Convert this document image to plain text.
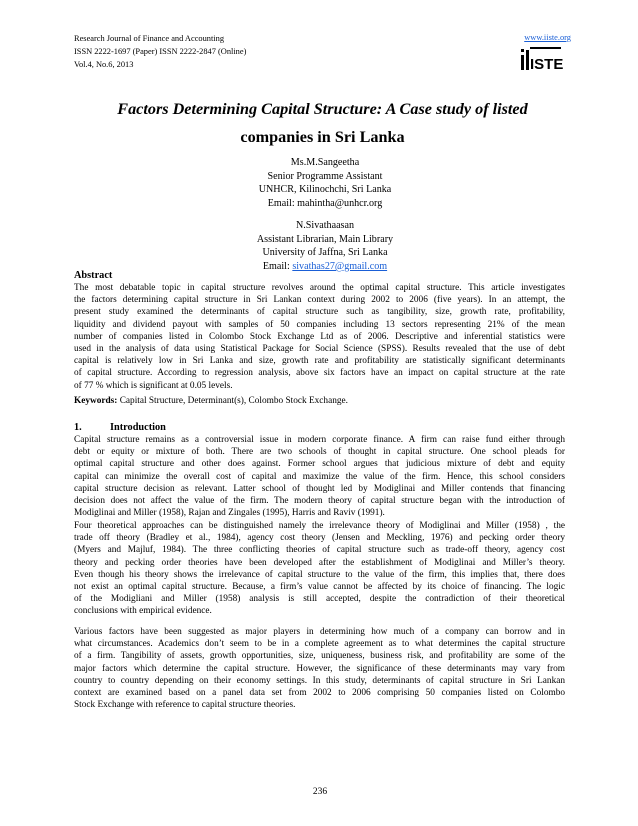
Research Journal of Finance and Accounting
ISSN 2222-1697 (Paper) ISSN 2222-2847 (Online)
Vol.4, No.6, 2013
www.iiste.org
ISTE
Factors Determining Capital Structure: A Case study of listed
companies in Sri Lanka
Ms.M.Sangeetha
Senior Programme Assistant
UNHCR, Kilinochchi, Sri Lanka
Email: mahintha@unhcr.org
N.Sivathaasan
Assistant Librarian, Main Library
University of Jaffna, Sri Lanka
Email: sivathas27@gmail.com
Abstract
The most debatable topic in capital structure revolves around the optimal capital structure. This article investigates
the factors determining capital structure in Sri Lankan context during 2002 to 2006 (five years). In an attempt, the
present study examined the determinants of capital structure such as tangibility, size, growth rate, profitability,
liquidity and dividend payout with samples of 50 companies including 13 sectors representing 21% of the mean
number of companies listed in Colombo Stock Exchange Ltd as of 2006. Descriptive and inferential statistics were
used in the analysis of data using Statistical Package for Social Science (SPSS). Results revealed that the use of debt
capital is relatively low in Sri Lanka and size, growth rate and profitability are statistically significant determinants
of capital structure. According to regression analysis, above six factors have an impact on capital structure at the rate
of 77 % which is significant at 0.05 levels.
Keywords: Capital Structure, Determinant(s), Colombo Stock Exchange.
1.	Introduction
Capital structure remains as a controversial issue in modern corporate finance. A firm can raise fund either through
debt or equity or mixture of both. There are two schools of thought in capital structure. One school pleads for
optimal capital structure and other does against. Former school argues that judicious mixture of debt and equity
capital can minimize the overall cost of capital and maximize the value of the firm. Hence, this school considers
capital structure decision as relevant. Latter school of thought led by Modiglinai and Miller contends that financing
decision does not affect the value of the firm. The modern theory of capital structure began with the introduction of
Modiglinai and Miller (1958), Rajan and Zingales (1995), Harris and Raviv (1991).
Four theoretical approaches can be distinguished namely the irrelevance theory of Modiglinai and Miller (1958) , the
trade off theory (Bradley et al., 1984), agency cost theory (Jensen and Meckling, 1976) and pecking order theory
(Myers and Majluf, 1984). The three conflicting theories of capital structure such as trade-off theory, agency cost
theory and pecking order theories have been developed after the establishment of Modiglinai and Miller’s theory.
Even though his theory shows the irrelevance of capital structure to the value of the firm, this implies that, there does
not exist an optimal capital structure. Because, a firm’s value cannot be affected by its choice of financing. The logic
of the Modigliani and Miller (1958) analysis is still accepted, despite the contradiction of their theoretical
conclusions with empirical evidence.
Various factors have been suggested as major players in determining how much of a company can borrow and in
what circumstances. Academics don’t seem to be in a complete agreement as to what determines the capital structure
of a firm. Tangibility of assets, growth opportunities, size, uniqueness, business risk, and profitability are some of the
major factors which determine the capital structure. However, the significance of these determinants may vary from
country to country depending on their economy settings. In this study, determinants of capital structure in Sri Lankan
context are examined based on a panel data set from 2002 to 2006 comprising 50 companies listed on Colombo
Stock Exchange with reference to capital structure theories.
236
